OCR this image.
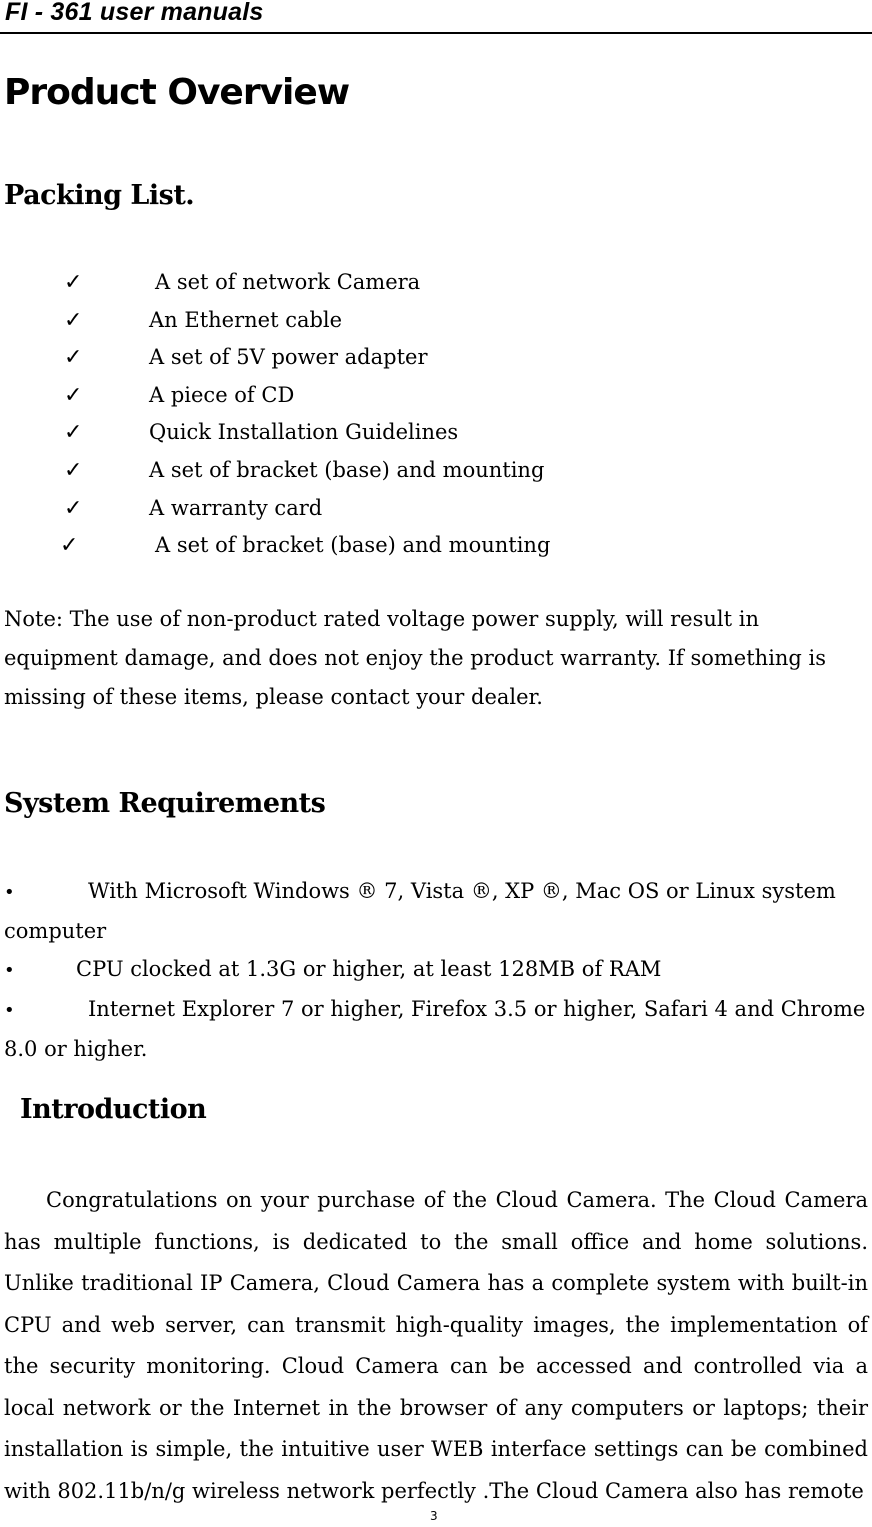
FI - 361 user manuals
Product Overview
Packing List.
✓	A set of network Camera
✓	An Ethernet cable
✓	A set of 5V power adapter
✓	A piece of CD
✓	Quick Installation Guidelines
✓	A set of bracket (base) and mounting
✓	A warranty card
✓	A set of bracket (base) and mounting

Note: The use of non-product rated voltage power supply, will result in equipment damage, and does not enjoy the product warranty. If something is missing of these items, please contact your dealer.

System Requirements
•	With Microsoft Windows ® 7, Vista ®, XP ®, Mac OS or Linux system computer
•	CPU clocked at 1.3G or higher, at least 128MB of RAM
•	Internet Explorer 7 or higher, Firefox 3.5 or higher, Safari 4 and Chrome 8.0 or higher.
Introduction

Congratulations on your purchase of the Cloud Camera. The Cloud Camera has multiple functions, is dedicated to the small office and home solutions. Unlike traditional IP Camera, Cloud Camera has a complete system with built-in CPU and web server, can transmit high-quality images, the implementation of the security monitoring. Cloud Camera can be accessed and controlled via a local network or the Internet in the browser of any computers or laptops; their installation is simple, the intuitive user WEB interface settings can be combined with 802.11b/n/g wireless network perfectly .The Cloud Camera also has remote

3
